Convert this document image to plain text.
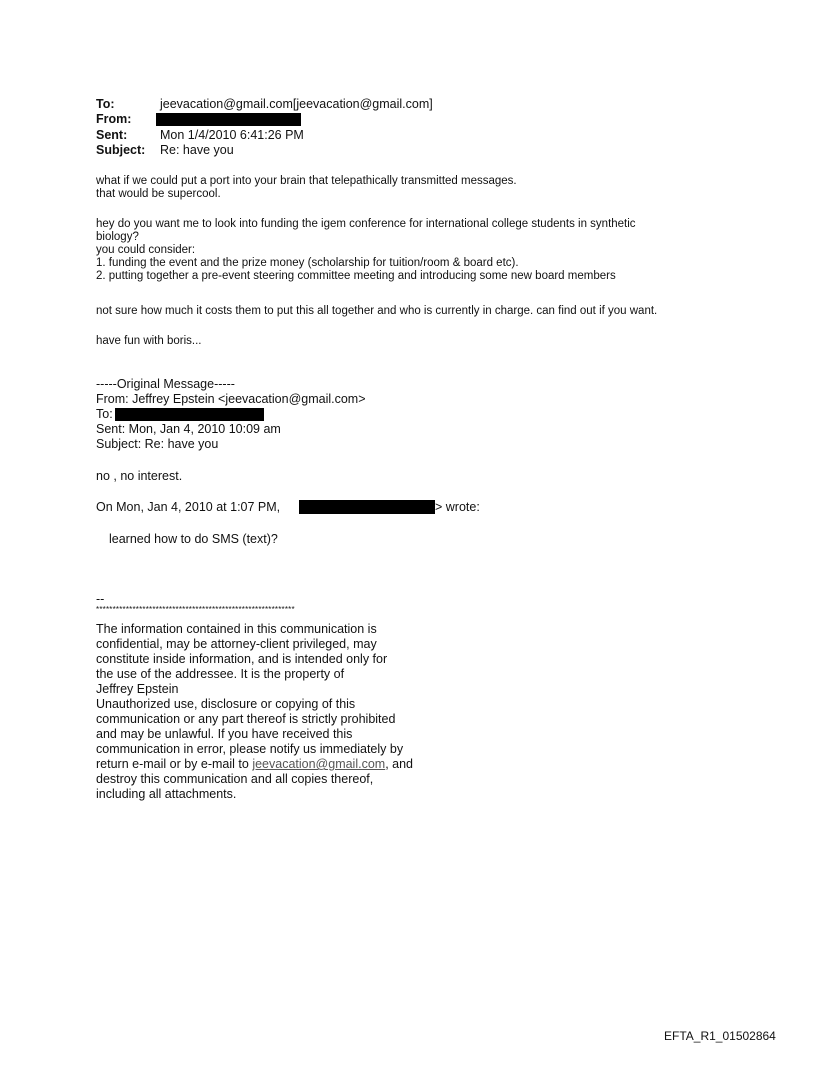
To:	jeevacation@gmail.com[jeevacation@gmail.com]
From:
Sent:	Mon 1/4/2010 6:41:26 PM
Subject: Re: have you
what if we could put a port into your brain that telepathically transmitted messages.
that would be supercool.
hey do you want me to look into funding the igem conference for international college students in synthetic
biology?
you could consider:
1. funding the event and the prize money (scholarship for tuition/room & board etc).
2. putting together a pre-event steering committee meeting and introducing some new board members
not sure how much it costs them to put this all together and who is currently in charge. can find out if you want.
have fun with boris...
-----Original Message-----
From: Jeffrey Epstein <jeevacation@gmail.com>
To:
Sent: Mon, Jan 4, 2010 10:09 am
Subject: Re: have you
no , no interest.
On Mon, Jan 4, 2010 at 1:07 PM,	> wrote:
learned how to do SMS (text)?
--
************************************************************
The information contained in this communication is
confidential, may be attorney-client privileged, may
constitute inside information, and is intended only for
the use of the addressee. It is the property of
Jeffrey Epstein
Unauthorized use, disclosure or copying of this
communication or any part thereof is strictly prohibited
and may be unlawful. If you have received this
communication in error, please notify us immediately by
return e-mail or by e-mail to jeevacation@gmail.com, and
destroy this communication and all copies thereof,
including all attachments.
EFTA_R1_01502864
